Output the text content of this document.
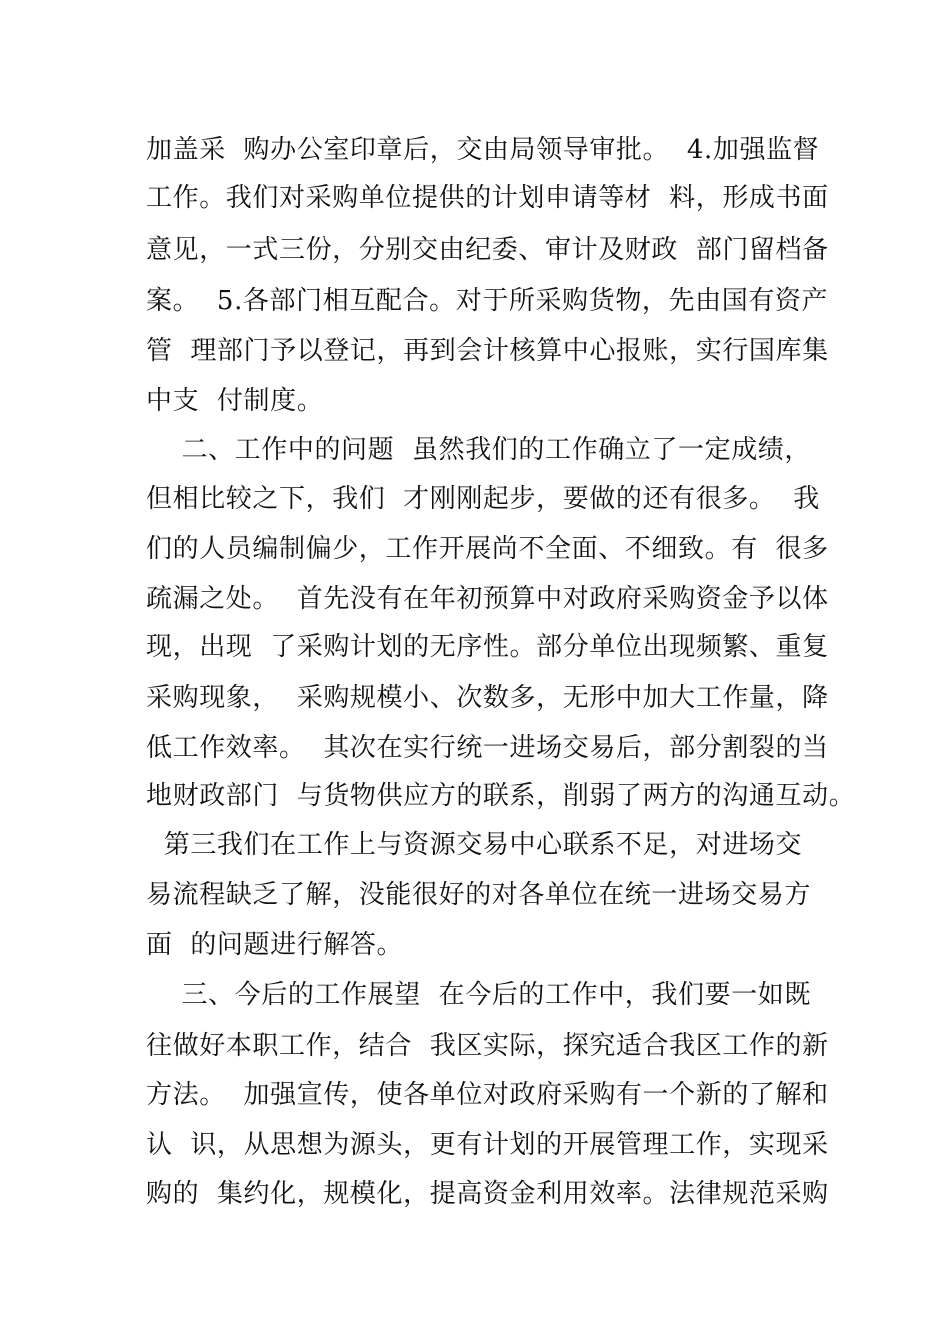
加盖采  购办公室印章后，交由局领导审批。  4.加强监督
工作。我们对采购单位提供的计划申请等材  料，形成书面
意见，一式三份，分别交由纪委、审计及财政  部门留档备
案。  5.各部门相互配合。对于所采购货物，先由国有资产
管  理部门予以登记，再到会计核算中心报账，实行国库集
中支  付制度。
二、工作中的问题  虽然我们的工作确立了一定成绩，
但相比较之下，我们  才刚刚起步，要做的还有很多。  我
们的人员编制偏少，工作开展尚不全面、不细致。有  很多
疏漏之处。  首先没有在年初预算中对政府采购资金予以体
现，出现  了采购计划的无序性。部分单位出现频繁、重复
采购现象，  采购规模小、次数多，无形中加大工作量，降
低工作效率。  其次在实行统一进场交易后，部分割裂的当
地财政部门  与货物供应方的联系，削弱了两方的沟通互动。
第三我们在工作上与资源交易中心联系不足，对进场交
易流程缺乏了解，没能很好的对各单位在统一进场交易方
面  的问题进行解答。
三、今后的工作展望  在今后的工作中，我们要一如既
往做好本职工作，结合  我区实际，探究适合我区工作的新
方法。  加强宣传，使各单位对政府采购有一个新的了解和
认  识，从思想为源头，更有计划的开展管理工作，实现采
购的  集约化，规模化，提高资金利用效率。法律规范采购
